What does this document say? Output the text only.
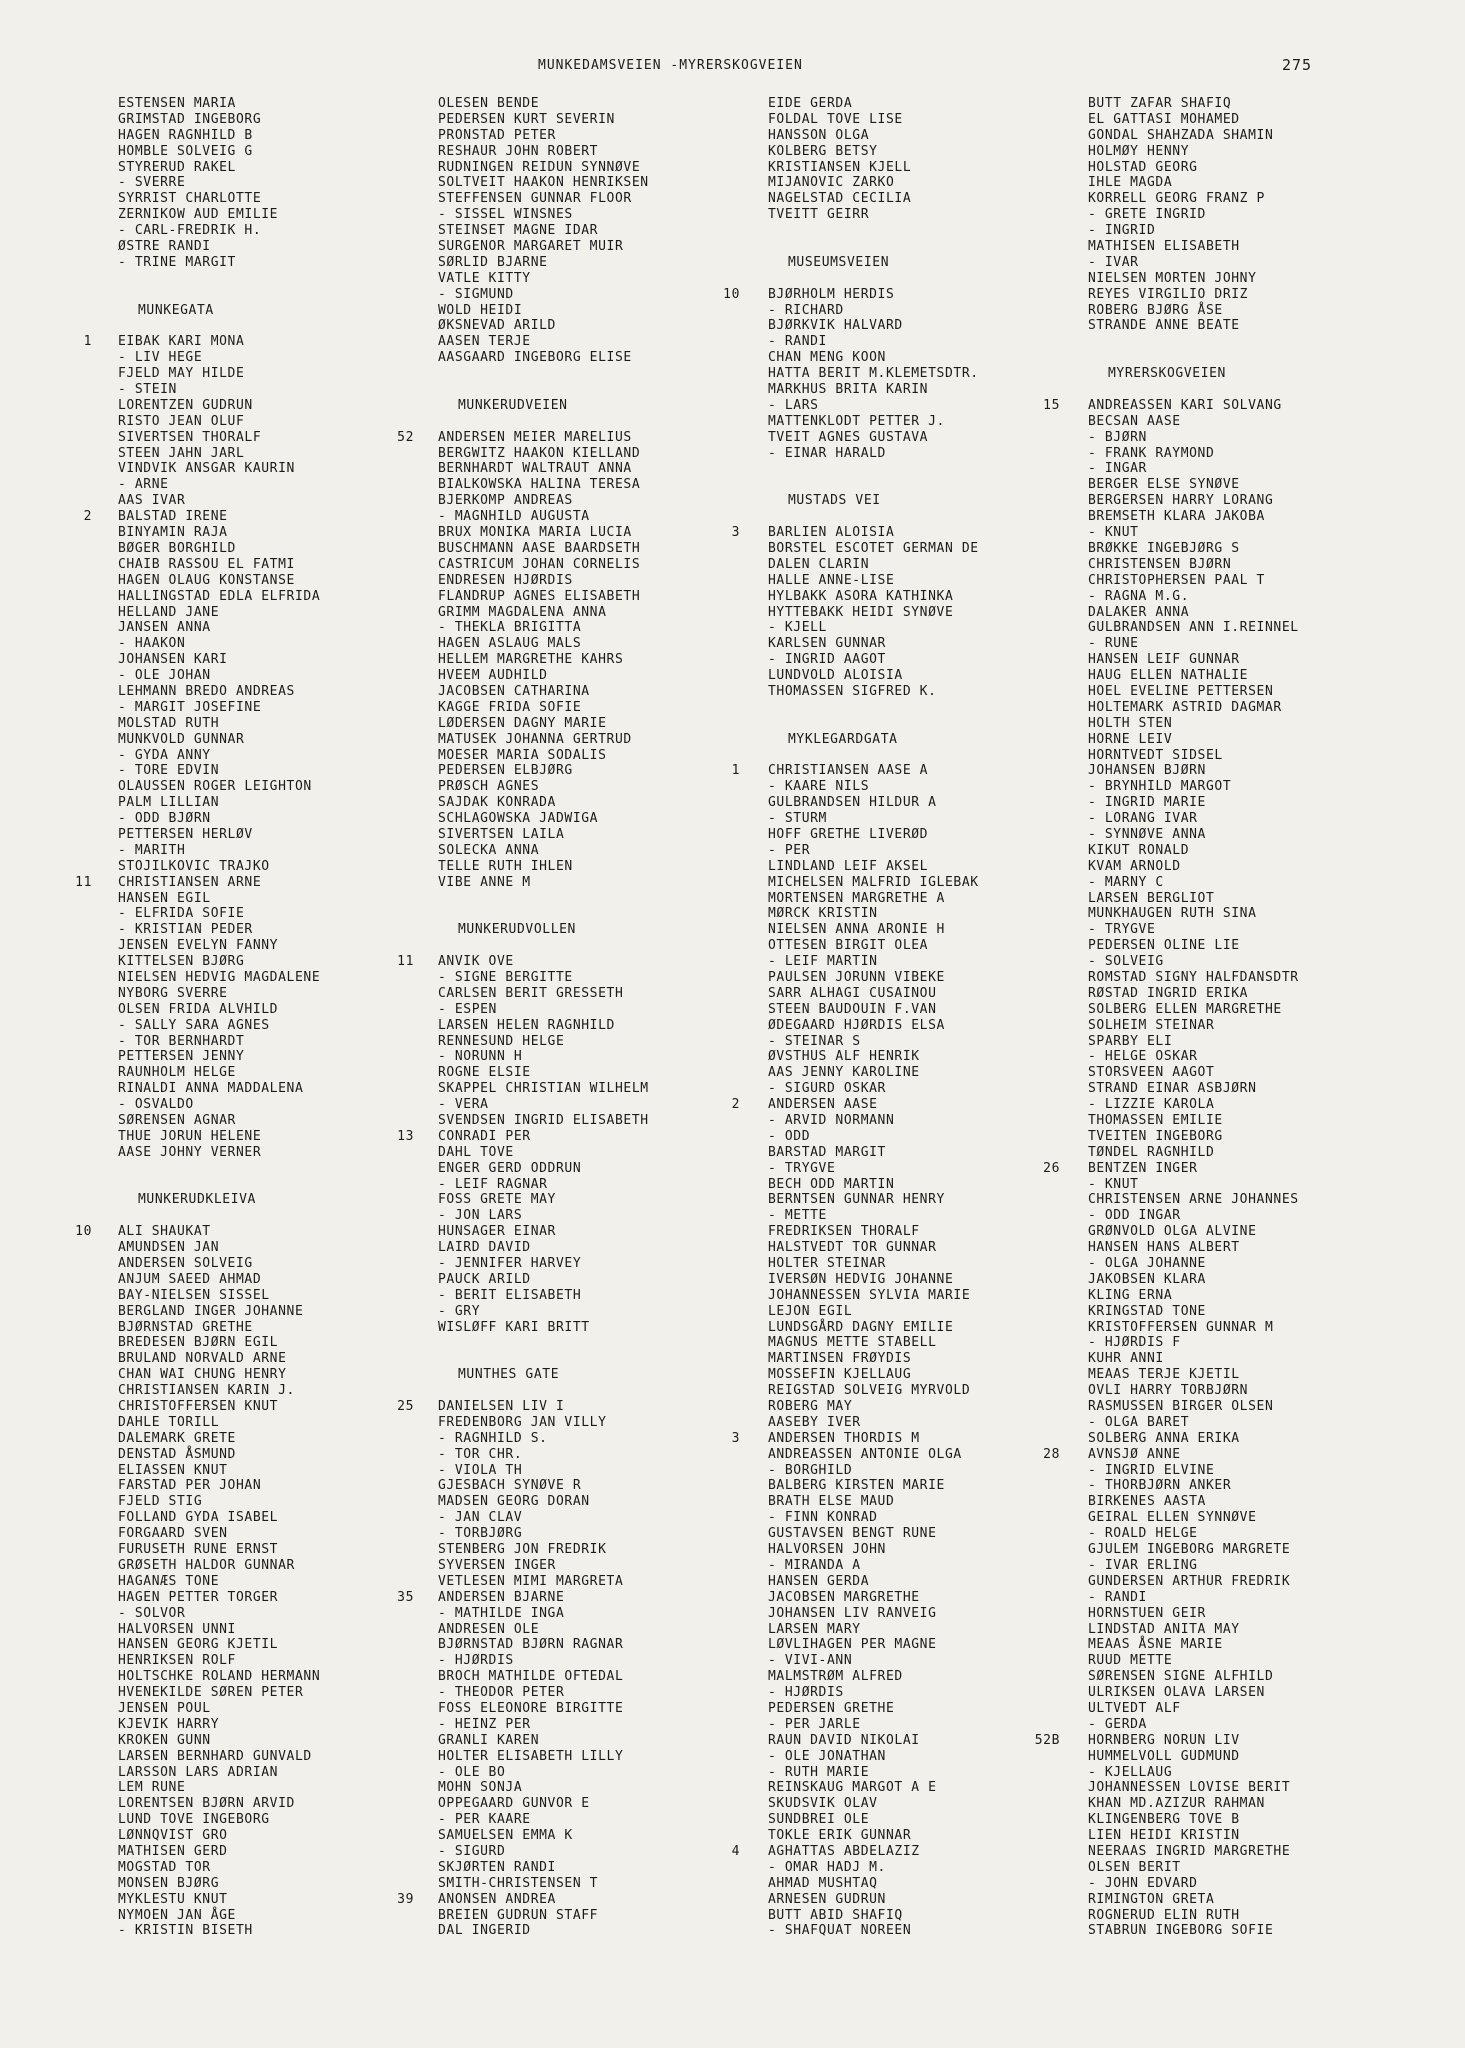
MUNKEDAMSVEIEN -MYRERSKOGVEIEN	275
ESTENSEN MARIA
GRIMSTAD INGEBORG
HAGEN RAGNHILD B
HOMBLE SOLVEIG G
STYRERUD RAKEL
- SVERRE
SYRRIST CHARLOTTE
ZERNIKOW AUD EMILIE
- CARL-FREDRIK H.
ØSTRE RANDI
- TRINE MARGIT
MUNKEGATA
1 EIBAK KARI MONA
- LIV HEGE
FJELD MAY HILDE
- STEIN
LORENTZEN GUDRUN
RISTO JEAN OLUF
SIVERTSEN THORALF
STEEN JAHN JARL
VINDVIK ANSGAR KAURIN
- ARNE
AAS IVAR
2 BALSTAD IRENE
BINYAMIN RAJA
BØGER BORGHILD
CHAIB RASSOU EL FATMI
HAGEN OLAUG KONSTANSE
HALLINGSTAD EDLA ELFRIDA
HELLAND JANE
JANSEN ANNA
- HAAKON
JOHANSEN KARI
- OLE JOHAN
LEHMANN BREDO ANDREAS
- MARGIT JOSEFINE
MOLSTAD RUTH
MUNKVOLD GUNNAR
- GYDA ANNY
- TORE EDVIN
OLAUSSEN ROGER LEIGHTON
PALM LILLIAN
- ODD BJØRN
PETTERSEN HERLØV
- MARITH
STOJILKOVIC TRAJKO
11 CHRISTIANSEN ARNE
HANSEN EGIL
- ELFRIDA SOFIE
- KRISTIAN PEDER
JENSEN EVELYN FANNY
KITTELSEN BJØRG
NIELSEN HEDVIG MAGDALENE
NYBORG SVERRE
OLSEN FRIDA ALVHILD
- SALLY SARA AGNES
- TOR BERNHARDT
PETTERSEN JENNY
RAUNHOLM HELGE
RINALDI ANNA MADDALENA
- OSVALDO
SØRENSEN AGNAR
THUE JORUN HELENE
AASE JOHNY VERNER
MUNKERUDKLEIVA
10 ALI SHAUKAT
AMUNDSEN JAN
ANDERSEN SOLVEIG
ANJUM SAEED AHMAD
BAY-NIELSEN SISSEL
BERGLAND INGER JOHANNE
BJØRNSTAD GRETHE
BREDESEN BJØRN EGIL
BRULAND NORVALD ARNE
CHAN WAI CHUNG HENRY
CHRISTIANSEN KARIN J.
CHRISTOFFERSEN KNUT
DAHLE TORILL
DALEMARK GRETE
DENSTAD ÅSMUND
ELIASSEN KNUT
FARSTAD PER JOHAN
FJELD STIG
FOLLAND GYDA ISABEL
FORGAARD SVEN
FURUSETH RUNE ERNST
GRØSETH HALDOR GUNNAR
HAGANÆS TONE
HAGEN PETTER TORGER
- SOLVOR
HALVORSEN UNNI
HANSEN GEORG KJETIL
HENRIKSEN ROLF
HOLTSCHKE ROLAND HERMANN
HVENEKILDE SØREN PETER
JENSEN POUL
KJEVIK HARRY
KROKEN GUNN
LARSEN BERNHARD GUNVALD
LARSSON LARS ADRIAN
LEM RUNE
LORENTSEN BJØRN ARVID
LUND TOVE INGEBORG
LØNNQVIST GRO
MATHISEN GERD
MOGSTAD TOR
MONSEN BJØRG
MYKLESTU KNUT
NYMOEN JAN ÅGE
- KRISTIN BISETH
OLESEN BENDE
PEDERSEN KURT SEVERIN
PRONSTAD PETER
RESHAUR JOHN ROBERT
RUDNINGEN REIDUN SYNNØVE
SOLTVEIT HAAKON HENRIKSEN
STEFFENSEN GUNNAR FLOOR
- SISSEL WINSNES
STEINSET MAGNE IDAR
SURGENOR MARGARET MUIR
SØRLID BJARNE
VATLE KITTY
- SIGMUND
WOLD HEIDI
ØKSNEVAD ARILD
AASEN TERJE
AASGAARD INGEBORG ELISE
MUNKERUDVEIEN
52 ANDERSEN MEIER MARELIUS
BERGWITZ HAAKON KIELLAND
BERNHARDT WALTRAUT ANNA
BIALKOWSKA HALINA TERESA
BJERKOMP ANDREAS
- MAGNHILD AUGUSTA
BRUX MONIKA MARIA LUCIA
BUSCHMANN AASE BAARDSETH
CASTRICUM JOHAN CORNELIS
ENDRESEN HJØRDIS
FLANDRUP AGNES ELISABETH
GRIMM MAGDALENA ANNA
- THEKLA BRIGITTA
HAGEN ASLAUG MALS
HELLEM MARGRETHE KAHRS
HVEEM AUDHILD
JACOBSEN CATHARINA
KAGGE FRIDA SOFIE
LØDERSEN DAGNY MARIE
MATUSEK JOHANNA GERTRUD
MOESER MARIA SODALIS
PEDERSEN ELBJØRG
PRØSCH AGNES
SAJDAK KONRADA
SCHLAGOWSKA JADWIGA
SIVERTSEN LAILA
SOLECKA ANNA
TELLE RUTH IHLEN
VIBE ANNE M
MUNKERUDVOLLEN
11 ANVIK OVE
- SIGNE BERGITTE
CARLSEN BERIT GRESSETH
- ESPEN
LARSEN HELEN RAGNHILD
RENNESUND HELGE
- NORUNN H
ROGNE ELSIE
SKAPPEL CHRISTIAN WILHELM
- VERA
SVENDSEN INGRID ELISABETH
13 CONRADI PER
DAHL TOVE
ENGER GERD ODDRUN
- LEIF RAGNAR
FOSS GRETE MAY
- JON LARS
HUNSAGER EINAR
LAIRD DAVID
- JENNIFER HARVEY
PAUCK ARILD
- BERIT ELISABETH
- GRY
WISLØFF KARI BRITT
MUNTHES GATE
25 DANIELSEN LIV I
FREDENBORG JAN VILLY
- RAGNHILD S.
- TOR CHR.
- VIOLA TH
GJESBACH SYNØVE R
MADSEN GEORG DORAN
- JAN CLAV
- TORBJØRG
STENBERG JON FREDRIK
SYVERSEN INGER
VETLESEN MIMI MARGRETA
35 ANDERSEN BJARNE
- MATHILDE INGA
ANDRESEN OLE
BJØRNSTAD BJØRN RAGNAR
- HJØRDIS
BROCH MATHILDE OFTEDAL
- THEODOR PETER
FOSS ELEONORE BIRGITTE
- HEINZ PER
GRANLI KAREN
HOLTER ELISABETH LILLY
- OLE BO
MOHN SONJA
OPPEGAARD GUNVOR E
- PER KAARE
SAMUELSEN EMMA K
- SIGURD
SKJØRTEN RANDI
SMITH-CHRISTENSEN T
39 ANONSEN ANDREA
BREIEN GUDRUN STAFF
DAL INGERID
EIDE GERDA
FOLDAL TOVE LISE
HANSSON OLGA
KOLBERG BETSY
KRISTIANSEN KJELL
MIJANOVIC ZARKO
NAGELSTAD CECILIA
TVEITT GEIRR
MUSEUMSVEIEN
10 BJØRHOLM HERDIS
- RICHARD
BJØRKVIK HALVARD
- RANDI
CHAN MENG KOON
HATTA BERIT M.KLEMETSDTR.
MARKHUS BRITA KARIN
- LARS
MATTENKLODT PETTER J.
TVEIT AGNES GUSTAVA
- EINAR HARALD
MUSTADS VEI
3 BARLIEN ALOISIA
BORSTEL ESCOTET GERMAN DE
DALEN CLARIN
HALLE ANNE-LISE
HYLBAKK ASORA KATHINKA
HYTTEBAKK HEIDI SYNØVE
- KJELL
KARLSEN GUNNAR
- INGRID AAGOT
LUNDVOLD ALOISIA
THOMASSEN SIGFRED K.
MYKLEGARDGATA
1 CHRISTIANSEN AASE A
- KAARE NILS
GULBRANDSEN HILDUR A
- STURM
HOFF GRETHE LIVERØD
- PER
LINDLAND LEIF AKSEL
MICHELSEN MALFRID IGLEBAK
MORTENSEN MARGRETHE A
MØRCK KRISTIN
NIELSEN ANNA ARONIE H
OTTESEN BIRGIT OLEA
- LEIF MARTIN
PAULSEN JORUNN VIBEKE
SARR ALHAGI CUSAINOU
STEEN BAUDOUIN F.VAN
ØDEGAARD HJØRDIS ELSA
- STEINAR S
ØVSTHUS ALF HENRIK
AAS JENNY KAROLINE
- SIGURD OSKAR
2 ANDERSEN AASE
- ARVID NORMANN
- ODD
BARSTAD MARGIT
- TRYGVE
BECH ODD MARTIN
BERNTSEN GUNNAR HENRY
- METTE
FREDRIKSEN THORALF
HALSTVEDT TOR GUNNAR
HOLTER STEINAR
IVERSØN HEDVIG JOHANNE
JOHANNESSEN SYLVIA MARIE
LEJON EGIL
LUNDSGÅRD DAGNY EMILIE
MAGNUS METTE STABELL
MARTINSEN FRØYDIS
MOSSEFIN KJELLAUG
REIGSTAD SOLVEIG MYRVOLD
ROBERG MAY
AASEBY IVER
3 ANDERSEN THORDIS M
ANDREASSEN ANTONIE OLGA
- BORGHILD
BALBERG KIRSTEN MARIE
BRATH ELSE MAUD
- FINN KONRAD
GUSTAVSEN BENGT RUNE
HALVORSEN JOHN
- MIRANDA A
HANSEN GERDA
JACOBSEN MARGRETHE
JOHANSEN LIV RANVEIG
LARSEN MARY
LØVLIHAGEN PER MAGNE
- VIVI-ANN
MALMSTRØM ALFRED
- HJØRDIS
PEDERSEN GRETHE
- PER JARLE
RAUN DAVID NIKOLAI
- OLE JONATHAN
- RUTH MARIE
REINSKAUG MARGOT A E
SKUDSVIK OLAV
SUNDBREI OLE
TOKLE ERIK GUNNAR
4 AGHATTAS ABDELAZIZ
- OMAR HADJ M.
AHMAD MUSHTAQ
ARNESEN GUDRUN
BUTT ABID SHAFIQ
- SHAFQUAT NOREEN
BUTT ZAFAR SHAFIQ
EL GATTASI MOHAMED
GONDAL SHAHZADA SHAMIN
HOLMØY HENNY
HOLSTAD GEORG
IHLE MAGDA
KORRELL GEORG FRANZ P
- GRETE INGRID
- INGRID
MATHISEN ELISABETH
- IVAR
NIELSEN MORTEN JOHNY
REYES VIRGILIO DRIZ
ROBERG BJØRG ÅSE
STRANDE ANNE BEATE
MYRERSKOGVEIEN
15 ANDREASSEN KARI SOLVANG
BECSAN AASE
- BJØRN
- FRANK RAYMOND
- INGAR
BERGER ELSE SYNØVE
BERGERSEN HARRY LORANG
BREMSETH KLARA JAKOBA
- KNUT
BRØKKE INGEBJØRG S
CHRISTENSEN BJØRN
CHRISTOPHERSEN PAAL T
- RAGNA M.G.
DALAKER ANNA
GULBRANDSEN ANN I.REINNEL
- RUNE
HANSEN LEIF GUNNAR
HAUG ELLEN NATHALIE
HOEL EVELINE PETTERSEN
HOLTEMARK ASTRID DAGMAR
HOLTH STEN
HORNE LEIV
HORNTVEDT SIDSEL
JOHANSEN BJØRN
- BRYNHILD MARGOT
- INGRID MARIE
- LORANG IVAR
- SYNNØVE ANNA
KIKUT RONALD
KVAM ARNOLD
- MARNY C
LARSEN BERGLIOT
MUNKHAUGEN RUTH SINA
- TRYGVE
PEDERSEN OLINE LIE
- SOLVEIG
ROMSTAD SIGNY HALFDANSDTR
RØSTAD INGRID ERIKA
SOLBERG ELLEN MARGRETHE
SOLHEIM STEINAR
SPARBY ELI
- HELGE OSKAR
STORSVEEN AAGOT
STRAND EINAR ASBJØRN
- LIZZIE KAROLA
THOMASSEN EMILIE
TVEITEN INGEBORG
TØNDEL RAGNHILD
26 BENTZEN INGER
- KNUT
CHRISTENSEN ARNE JOHANNES
- ODD INGAR
GRØNVOLD OLGA ALVINE
HANSEN HANS ALBERT
- OLGA JOHANNE
JAKOBSEN KLARA
KLING ERNA
KRINGSTAD TONE
KRISTOFFERSEN GUNNAR M
- HJØRDIS F
KUHR ANNI
MEAAS TERJE KJETIL
OVLI HARRY TORBJØRN
RASMUSSEN BIRGER OLSEN
- OLGA BARET
SOLBERG ANNA ERIKA
28 AVNSJØ ANNE
- INGRID ELVINE
- THORBJØRN ANKER
BIRKENES AASTA
GEIRAL ELLEN SYNNØVE
- ROALD HELGE
GJULEM INGEBORG MARGRETE
- IVAR ERLING
GUNDERSEN ARTHUR FREDRIK
- RANDI
HORNSTUEN GEIR
LINDSTAD ANITA MAY
MEAAS ÅSNE MARIE
RUUD METTE
SØRENSEN SIGNE ALFHILD
ULRIKSEN OLAVA LARSEN
ULTVEDT ALF
- GERDA
52B HORNBERG NORUN LIV
HUMMELVOLL GUDMUND
- KJELLAUG
JOHANNESSEN LOVISE BERIT
KHAN MD.AZIZUR RAHMAN
KLINGENBERG TOVE B
LIEN HEIDI KRISTIN
NEERAAS INGRID MARGRETHE
OLSEN BERIT
- JOHN EDVARD
RIMINGTON GRETA
ROGNERUD ELIN RUTH
STABRUN INGEBORG SOFIE
